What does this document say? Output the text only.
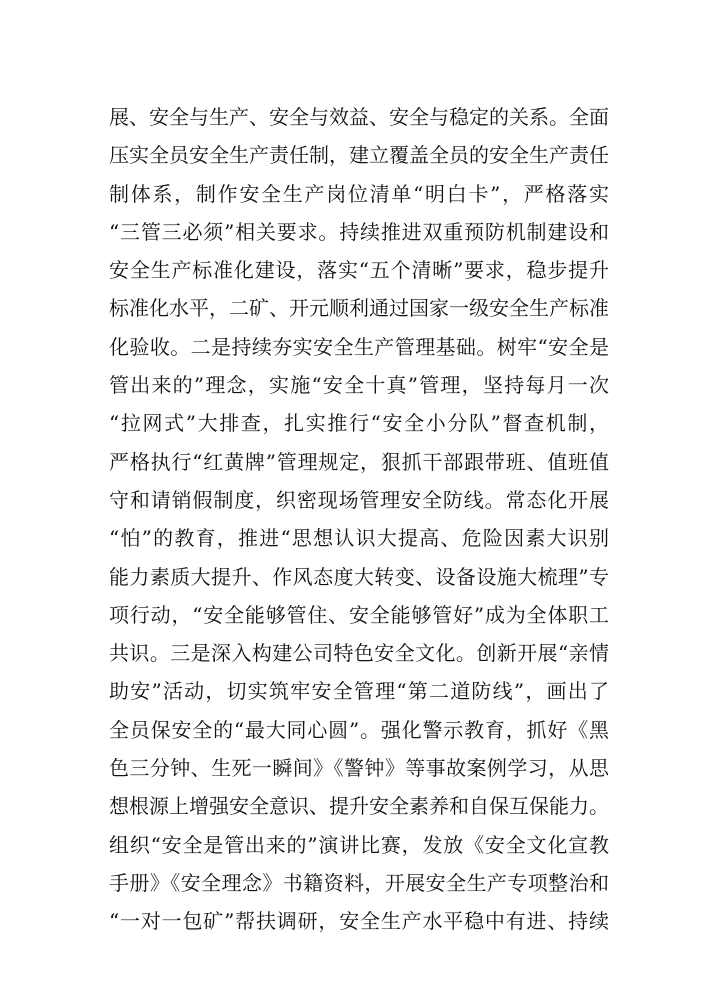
展、安全与生产、安全与效益、安全与稳定的关系。全面
压实全员安全生产责任制，建立覆盖全员的安全生产责任
制体系，制作安全生产岗位清单“明白卡”，严格落实
“三管三必须”相关要求。持续推进双重预防机制建设和
安全生产标准化建设，落实“五个清晰”要求，稳步提升
标准化水平，二矿、开元顺利通过国家一级安全生产标准
化验收。二是持续夯实安全生产管理基础。树牢“安全是
管出来的”理念，实施“安全十真”管理，坚持每月一次
“拉网式”大排查，扎实推行“安全小分队”督查机制，
严格执行“红黄牌”管理规定，狠抓干部跟带班、值班值
守和请销假制度，织密现场管理安全防线。常态化开展
“怕”的教育，推进“思想认识大提高、危险因素大识别
能力素质大提升、作风态度大转变、设备设施大梳理”专
项行动，“安全能够管住、安全能够管好”成为全体职工
共识。三是深入构建公司特色安全文化。创新开展“亲情
助安”活动，切实筑牢安全管理“第二道防线”，画出了
全员保安全的“最大同心圆”。强化警示教育，抓好《黑
色三分钟、生死一瞬间》《警钟》等事故案例学习，从思
想根源上增强安全意识、提升安全素养和自保互保能力。
组织“安全是管出来的”演讲比赛，发放《安全文化宣教
手册》《安全理念》书籍资料，开展安全生产专项整治和
“一对一包矿”帮扶调研，安全生产水平稳中有进、持续
